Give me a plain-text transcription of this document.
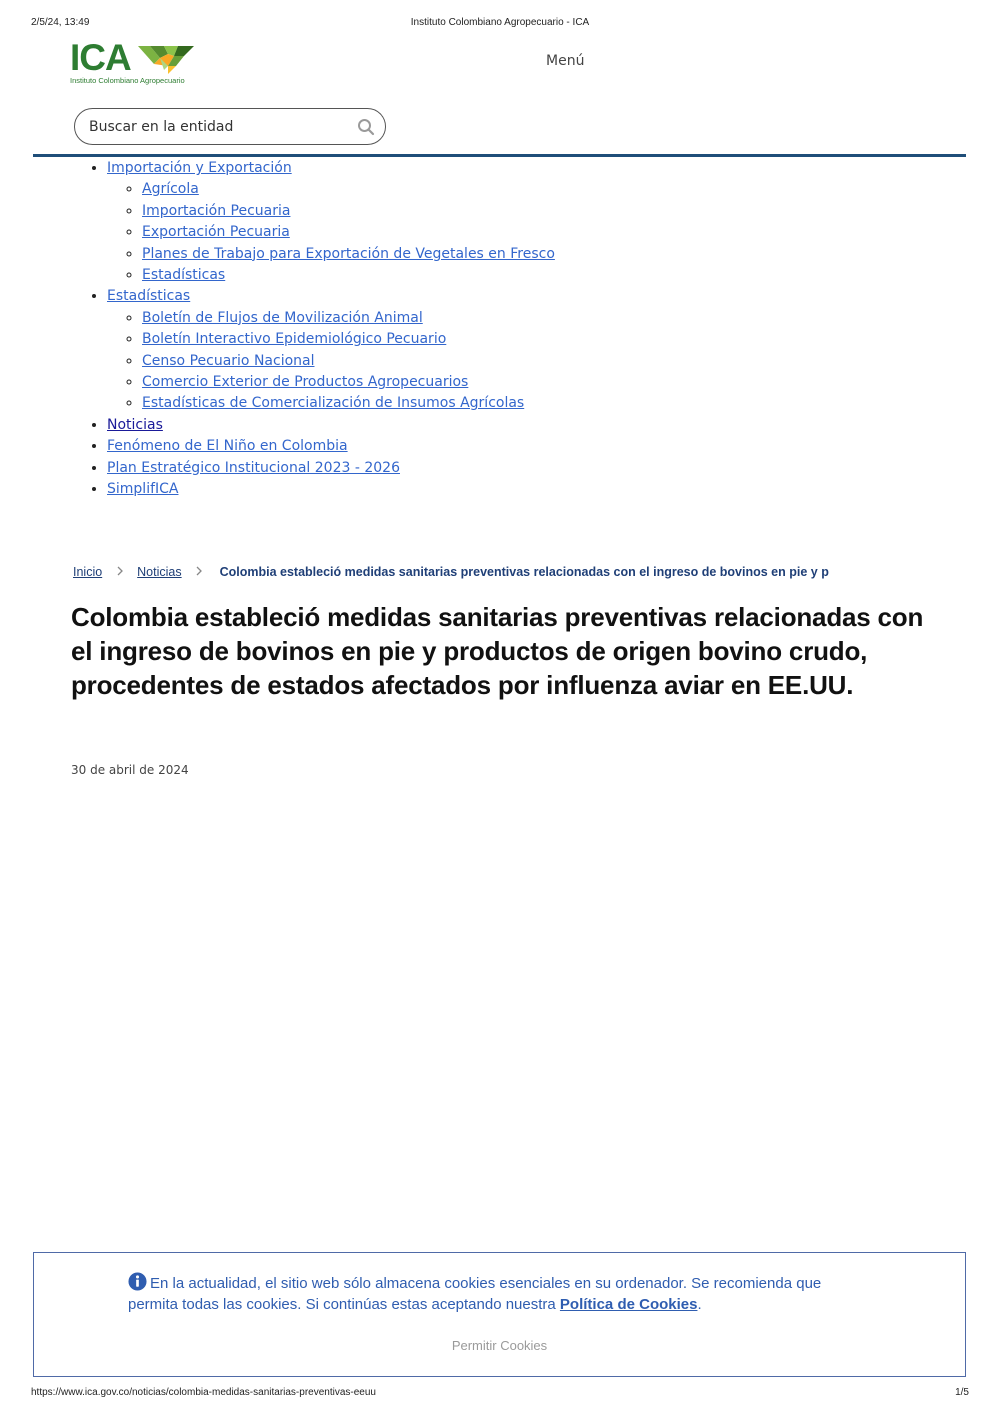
2/5/24, 13:49	Instituto Colombiano Agropecuario - ICA
ICA
Instituto Colombiano Agropecuario
Menú
Buscar en la entidad
• Importación y Exportación
◦ Agrícola
◦ Importación Pecuaria
◦ Exportación Pecuaria
◦ Planes de Trabajo para Exportación de Vegetales en Fresco
◦ Estadísticas
• Estadísticas
◦ Boletín de Flujos de Movilización Animal
◦ Boletín Interactivo Epidemiológico Pecuario
◦ Censo Pecuario Nacional
◦ Comercio Exterior de Productos Agropecuarios
◦ Estadísticas de Comercialización de Insumos Agrícolas
• Noticias
• Fenómeno de El Niño en Colombia
• Plan Estratégico Institucional 2023 - 2026
• SimplifICA
Inicio	Noticias	Colombia estableció medidas sanitarias preventivas relacionadas con el ingreso de bovinos en pie y p
Colombia estableció medidas sanitarias preventivas relacionadas con el ingreso de bovinos en pie y productos de origen bovino crudo, procedentes de estados afectados por influenza aviar en EE.UU.
30 de abril de 2024
En la actualidad, el sitio web sólo almacena cookies esenciales en su ordenador. Se recomienda que permita todas las cookies. Si continúas estas aceptando nuestra Política de Cookies.
Permitir Cookies
https://www.ica.gov.co/noticias/colombia-medidas-sanitarias-preventivas-eeuu	1/5
